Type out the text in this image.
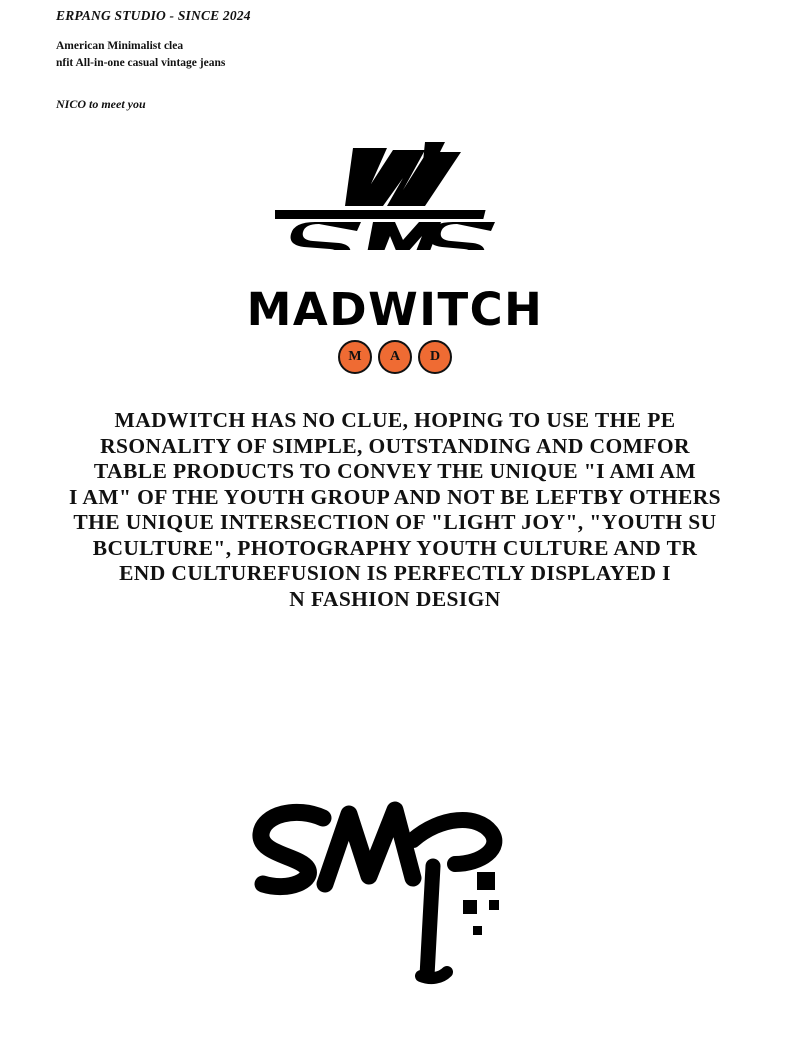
ERPANG STUDIO - SINCE 2024
American Minimalist clea
nfit All-in-one casual vintage jeans
NICO to meet you
MADWITCH
M	A	D
MADWITCH HAS NO CLUE, HOPING TO USE THE PE
RSONALITY OF SIMPLE, OUTSTANDING AND COMFOR
TABLE PRODUCTS TO CONVEY THE UNIQUE "I AMI AM
I AM" OF THE YOUTH GROUP AND NOT BE LEFTBY OTHERS
THE UNIQUE INTERSECTION OF "LIGHT JOY", "YOUTH SU
BCULTURE", PHOTOGRAPHY YOUTH CULTURE AND TR
END CULTUREFUSION IS PERFECTLY DISPLAYED I
N FASHION DESIGN
